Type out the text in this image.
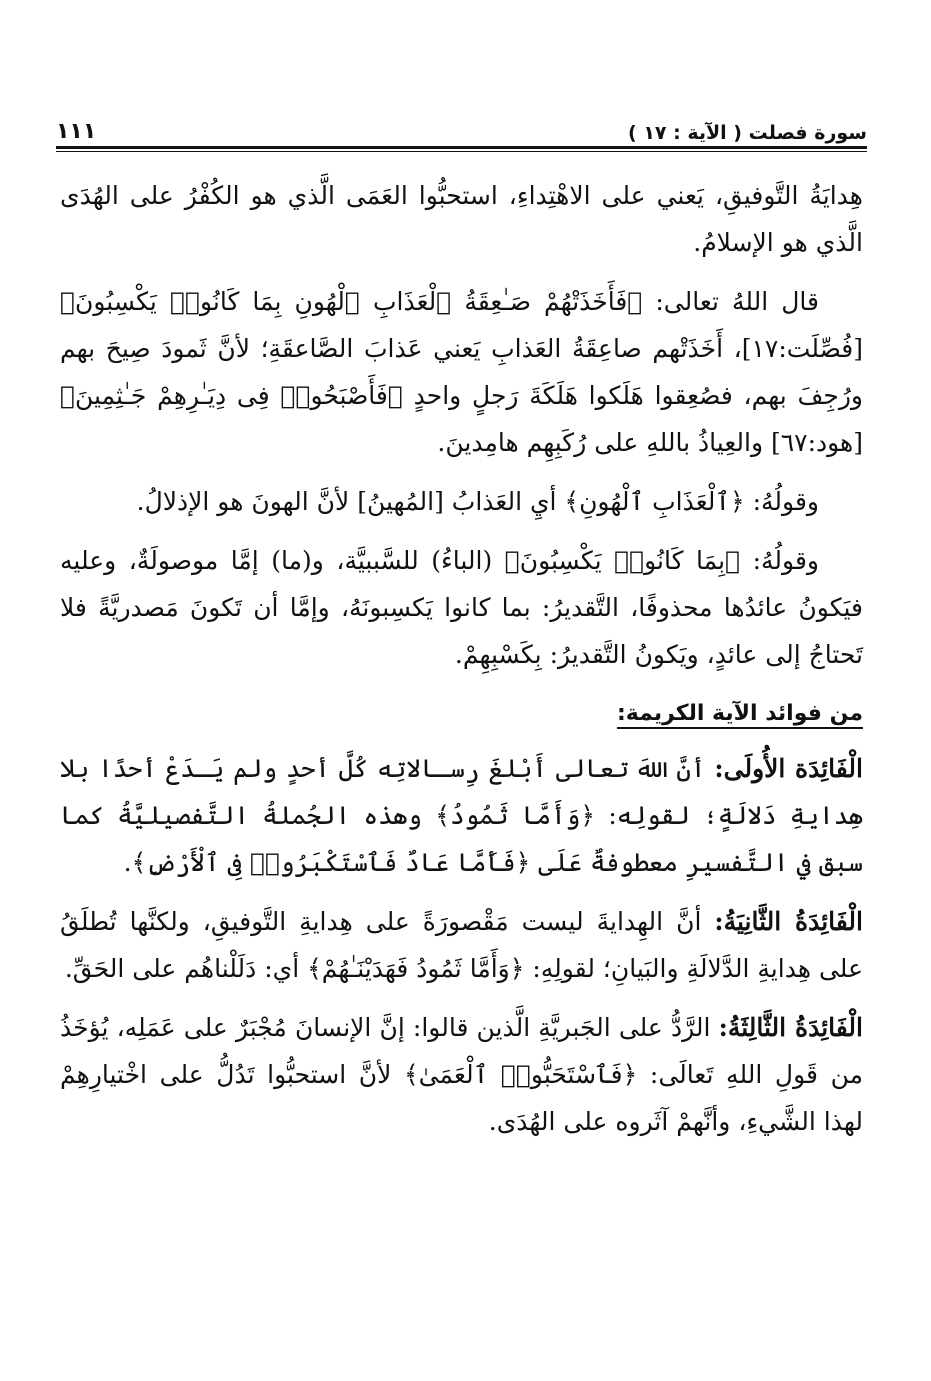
سورة فصلت ( الآية : ١٧ )
١١١

هِدايَةُ التَّوفيقِ، يَعني على الاهْتِداءِ، استحبُّوا العَمَى الَّذي هو الكُفْرُ على الهُدَى الَّذي هو الإسلامُ.

قال اللهُ تعالى: ﴿فَأَخَذَتْهُمْ صَـٰعِقَةُ ٱلْعَذَابِ ٱلْهُونِ بِمَا كَانُوا۟ يَكْسِبُونَ﴾ [فُصِّلَت:١٧]، أَخَذَتْهم صاعِقَةُ العَذابِ يَعني عَذابَ الصَّاعقَةِ؛ لأنَّ ثَمودَ صِيحَ بهم ورُجِفَ بهم، فصُعِقوا هَلَكوا هَلَكَةَ رَجلٍ واحدٍ ﴿فَأَصْبَحُوا۟ فِى دِيَـٰرِهِمْ جَـٰثِمِينَ﴾ [هود:٦٧] والعِياذُ باللهِ على رُكَبِهِم هامِدينَ.

وقولُهُ: ﴿ٱلْعَذَابِ ٱلْهُونِ﴾ أيِ العَذابُ [المُهينُ] لأنَّ الهونَ هو الإذلالُ.

وقولُهُ: ﴿بِمَا كَانُوا۟ يَكْسِبُونَ﴾ (الباءُ) للسَّببيَّة، و(ما) إمَّا موصولَةٌ، وعليه فيَكونُ عائدُها محذوفًا، التَّقديرُ: بما كانوا يَكسِبونَهُ، وإمَّا أن تَكونَ مَصدريَّةً فلا تَحتاجُ إلى عائدٍ، ويَكونُ التَّقديرُ: بِكَسْبِهِمْ.

من فوائد الآية الكريمة:

الْفَائِدَة الأُولَى: أنَّ اللهَ تعالى أَبْلغَ رِسـالاتِه كُلَّ أحدٍ ولم يَـدَعْ أحدًا بلا هِدايةِ دَلالَةٍ؛ لقولِه: ﴿وَأَمَّا ثَمُودُ﴾ وهذه الجُملةُ التَّفصيليَّةُ كما سبق في التَّفسيرِ معطوفةٌ عَلَى ﴿فَأَمَّا عَادٌ فَٱسْتَكْبَرُوا۟ فِى ٱلْأَرْضِ﴾.

الْفَائِدَةُ الثَّانِيَةُ: أنَّ الهِدايةَ ليست مَقْصورَةً على هِدايةِ التَّوفيقِ، ولكنَّها تُطلَقُ على هِدايةِ الدَّلالَةِ والبَيانِ؛ لقولِهِ: ﴿وَأَمَّا ثَمُودُ فَهَدَيْنَـٰهُمْ﴾ أي: دَلَلْناهُم على الحَقِّ.

الْفَائِدَةُ الثَّالِثَةُ: الرَّدُّ على الجَبريَّةِ الَّذين قالوا: إنَّ الإنسانَ مُجْبَرٌ على عَمَلِه، يُؤخَذُ من قَولِ اللهِ تَعالَى: ﴿فَٱسْتَحَبُّوا۟ ٱلْعَمَىٰ﴾ لأنَّ استحبُّوا تَدُلُّ على اخْتيارِهِمْ لهذا الشَّيءِ، وأنَّهمْ آثَروه على الهُدَى.
